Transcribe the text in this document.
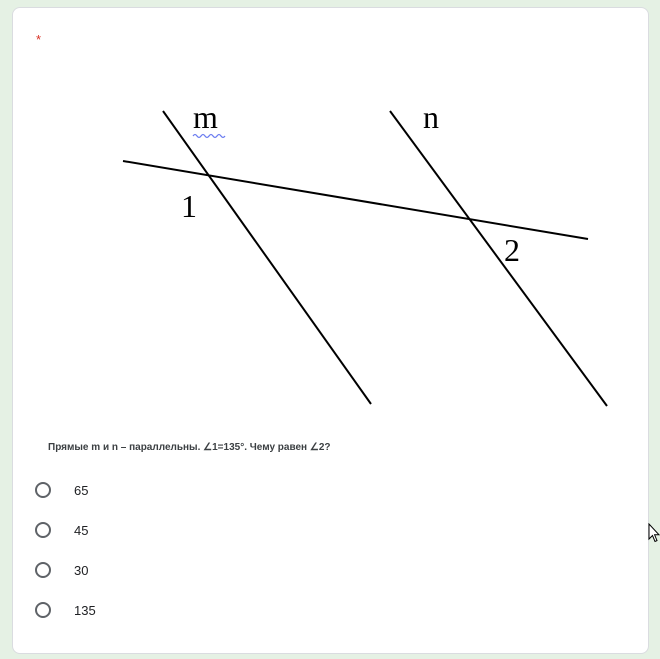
*
m	n
1
2
Прямые m и n – параллельны. ∠1=135°. Чему равен ∠2?
65
45
30
135
